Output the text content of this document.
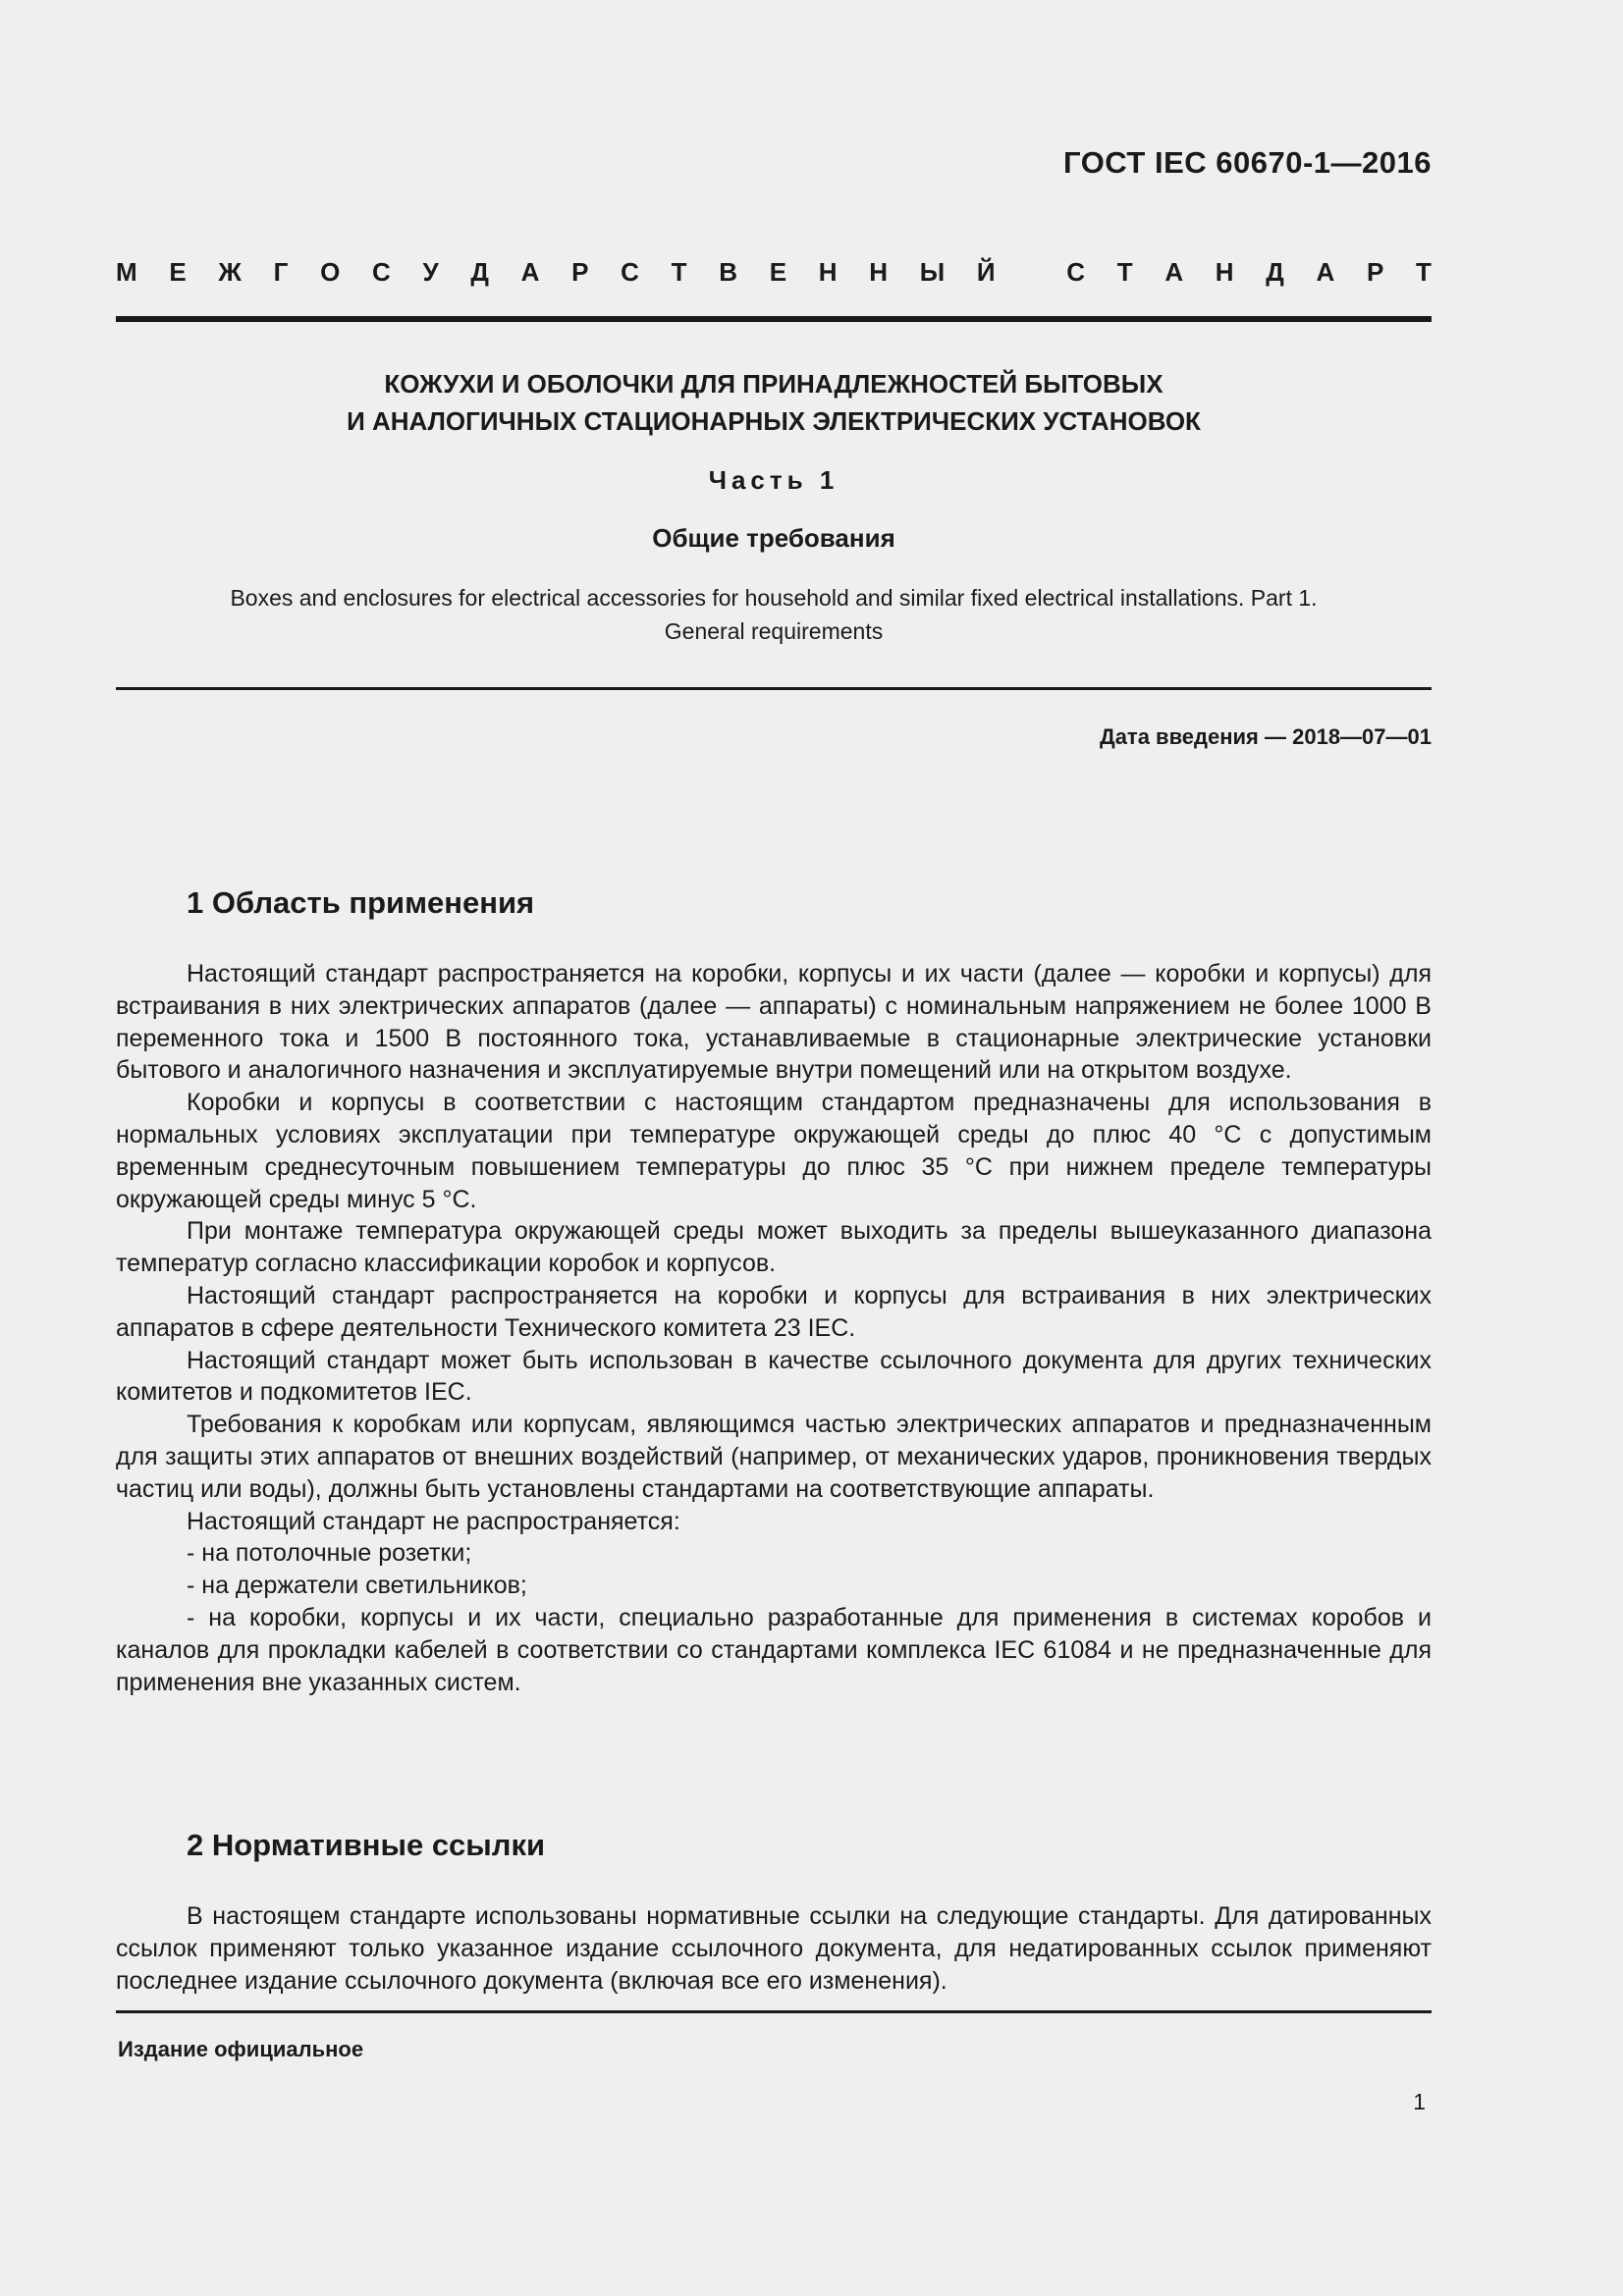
ГОСТ IEC 60670-1—2016
М Е Ж Г О С У Д А Р С Т В Е Н Н Ы Й
	С Т А Н Д А Р Т
КОЖУХИ И ОБОЛОЧКИ ДЛЯ ПРИНАДЛЕЖНОСТЕЙ БЫТОВЫХ
И АНАЛОГИЧНЫХ СТАЦИОНАРНЫХ ЭЛЕКТРИЧЕСКИХ УСТАНОВОК
Часть 1
Общие требования
Boxes and enclosures for electrical accessories for household and similar fixed electrical installations. Part 1.
General requirements
Дата введения — 2018—07—01
1 Область применения

Настоящий стандарт распространяется на коробки, корпусы и их части (далее — коробки и корпусы) для встраивания в них электрических аппаратов (далее — аппараты) с номинальным напряжением не более 1000 В переменного тока и 1500 В постоянного тока, устанавливаемые в стационарные электрические установки бытового и аналогичного назначения и эксплуатируемые внутри помещений или на открытом воздухе.

Коробки и корпусы в соответствии с настоящим стандартом предназначены для использования в нормальных условиях эксплуатации при температуре окружающей среды до плюс 40 °С с допустимым временным среднесуточным повышением температуры до плюс 35 °С при нижнем пределе температуры окружающей среды минус 5 °С.

При монтаже температура окружающей среды может выходить за пределы вышеуказанного диапазона температур согласно классификации коробок и корпусов.

Настоящий стандарт распространяется на коробки и корпусы для встраивания в них электрических аппаратов в сфере деятельности Технического комитета 23 IEC.

Настоящий стандарт может быть использован в качестве ссылочного документа для других технических комитетов и подкомитетов IEC.

Требования к коробкам или корпусам, являющимся частью электрических аппаратов и предназначенным для защиты этих аппаратов от внешних воздействий (например, от механических ударов, проникновения твердых частиц или воды), должны быть установлены стандартами на соответствующие аппараты.

Настоящий стандарт не распространяется:

- на потолочные розетки;

- на держатели светильников;

- на коробки, корпусы и их части, специально разработанные для применения в системах коробов и каналов для прокладки кабелей в соответствии со стандартами комплекса IEC 61084 и не предназначенные для применения вне указанных систем.

2 Нормативные ссылки

В настоящем стандарте использованы нормативные ссылки на следующие стандарты. Для датированных ссылок применяют только указанное издание ссылочного документа, для недатированных ссылок применяют последнее издание ссылочного документа (включая все его изменения).

Издание официальное
1
